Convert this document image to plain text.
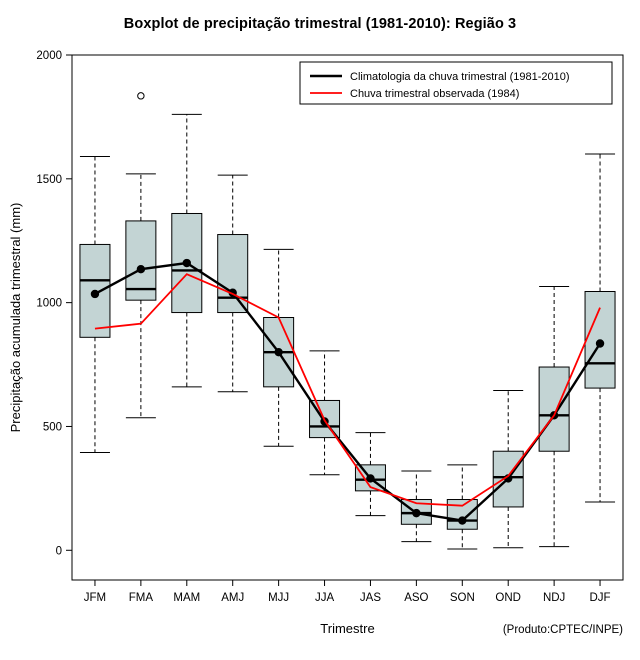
Boxplot de precipitação trimestral (1981-2010): Região 3
0
500
1000
1500
2000
Precipitação acumulada trimestral (mm)
JFM FMA MAM AMJ MJJ JJA JAS ASO SON OND NDJ DJF
Trimestre
Climatologia da chuva trimestral (1981-2010)
Chuva trimestral observada (1984)
(Produto:CPTEC/INPE)
